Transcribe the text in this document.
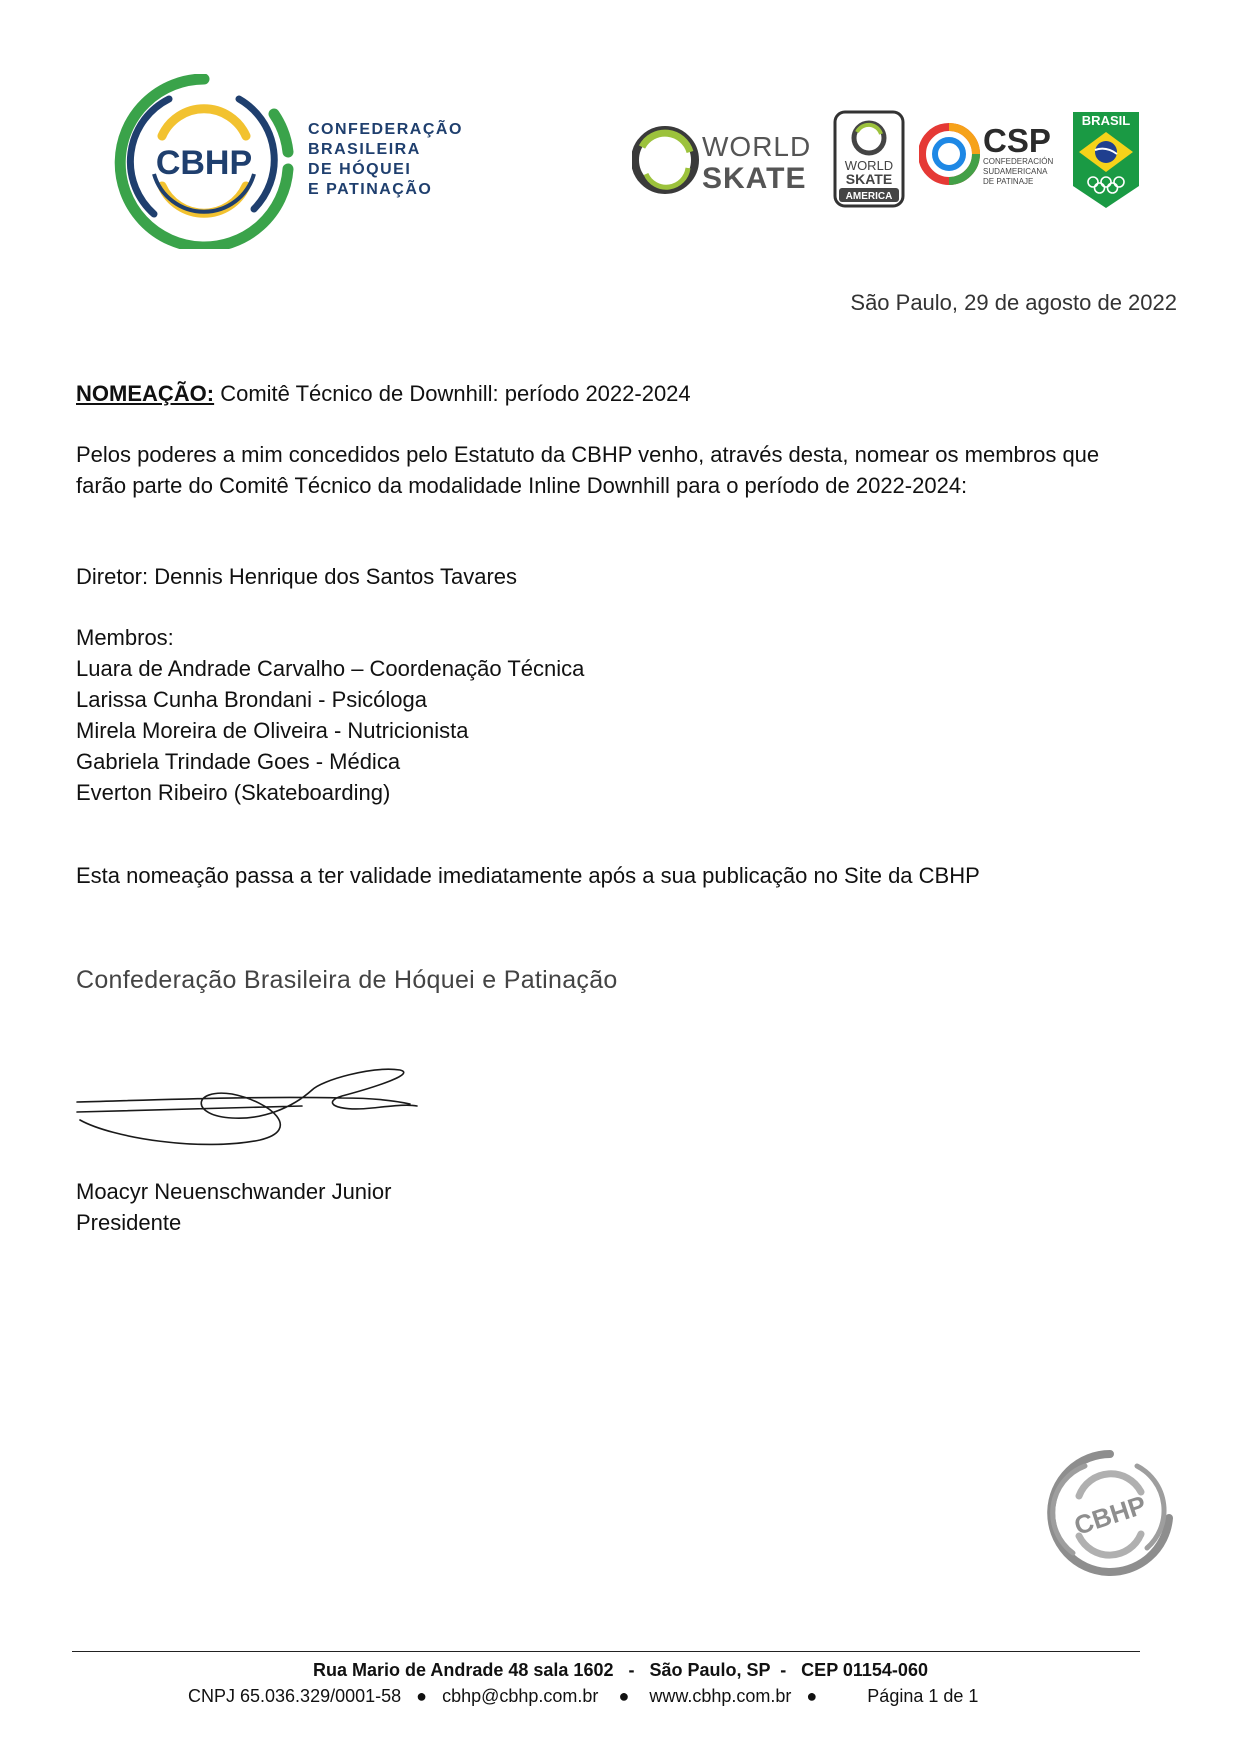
CBHP
CONFEDERAÇÃO
BRASILEIRA
DE HÓQUEI
E PATINAÇÃO
WORLD
SKATE	WORLD
SKATE
AMERICA
CSP
CONFEDERACIÓN
SUDAMERICANA
DE PATINAJE
BRASIL
São Paulo, 29 de agosto de 2022
NOMEAÇÃO: Comitê Técnico de Downhill: período 2022-2024
Pelos poderes a mim concedidos pelo Estatuto da CBHP venho, através desta, nomear os membros que
farão parte do Comitê Técnico da modalidade Inline Downhill para o período de 2022-2024:
Diretor: Dennis Henrique dos Santos Tavares
Membros:
Luara de Andrade Carvalho – Coordenação Técnica
Larissa Cunha Brondani - Psicóloga
Mirela Moreira de Oliveira - Nutricionista
Gabriela Trindade Goes - Médica
Everton Ribeiro (Skateboarding)
Esta nomeação passa a ter validade imediatamente após a sua publicação no Site da CBHP
Confederação Brasileira de Hóquei e Patinação
Moacyr Neuenschwander Junior
Presidente
CBHP
Rua Mario de Andrade 48 sala 1602   -   São Paulo, SP  -   CEP 01154-060
CNPJ 65.036.329/0001-58 ● cbhp@cbhp.com.br ● www.cbhp.com.br ●	Página 1 de 1
